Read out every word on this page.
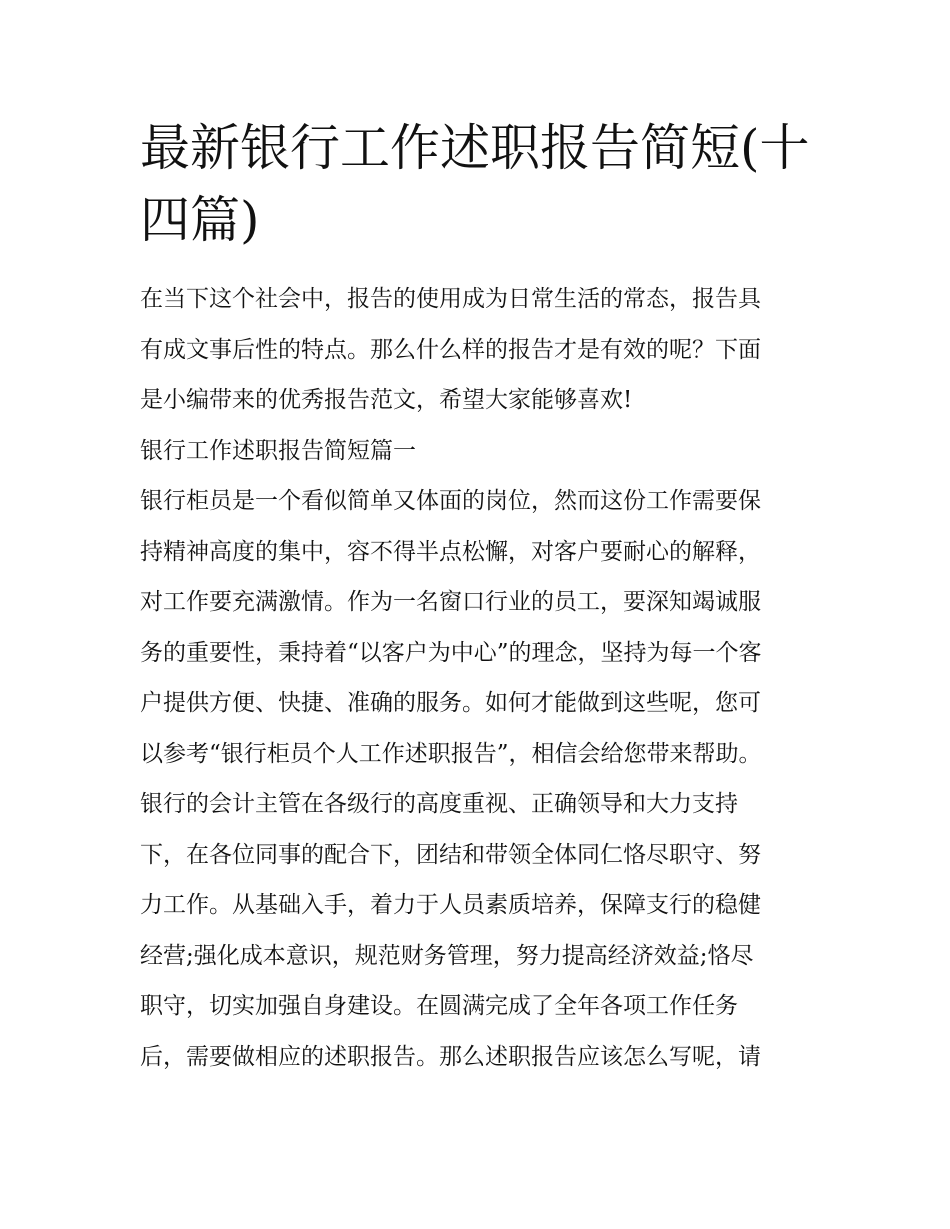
最新银行工作述职报告简短(十
四篇)

在当下这个社会中，报告的使用成为日常生活的常态，报告具

有成文事后性的特点。那么什么样的报告才是有效的呢？下面

是小编带来的优秀报告范文，希望大家能够喜欢!

银行工作述职报告简短篇一

银行柜员是一个看似简单又体面的岗位，然而这份工作需要保

持精神高度的集中，容不得半点松懈，对客户要耐心的解释，

对工作要充满激情。作为一名窗口行业的员工，要深知竭诚服

务的重要性，秉持着“以客户为中心”的理念，坚持为每一个客

户提供方便、快捷、准确的服务。如何才能做到这些呢，您可

以参考“银行柜员个人工作述职报告”，相信会给您带来帮助。

银行的会计主管在各级行的高度重视、正确领导和大力支持

下，在各位同事的配合下，团结和带领全体同仁恪尽职守、努

力工作。从基础入手，着力于人员素质培养，保障支行的稳健

经营;强化成本意识，规范财务管理，努力提高经济效益;恪尽

职守，切实加强自身建设。在圆满完成了全年各项工作任务

后，需要做相应的述职报告。那么述职报告应该怎么写呢，请
